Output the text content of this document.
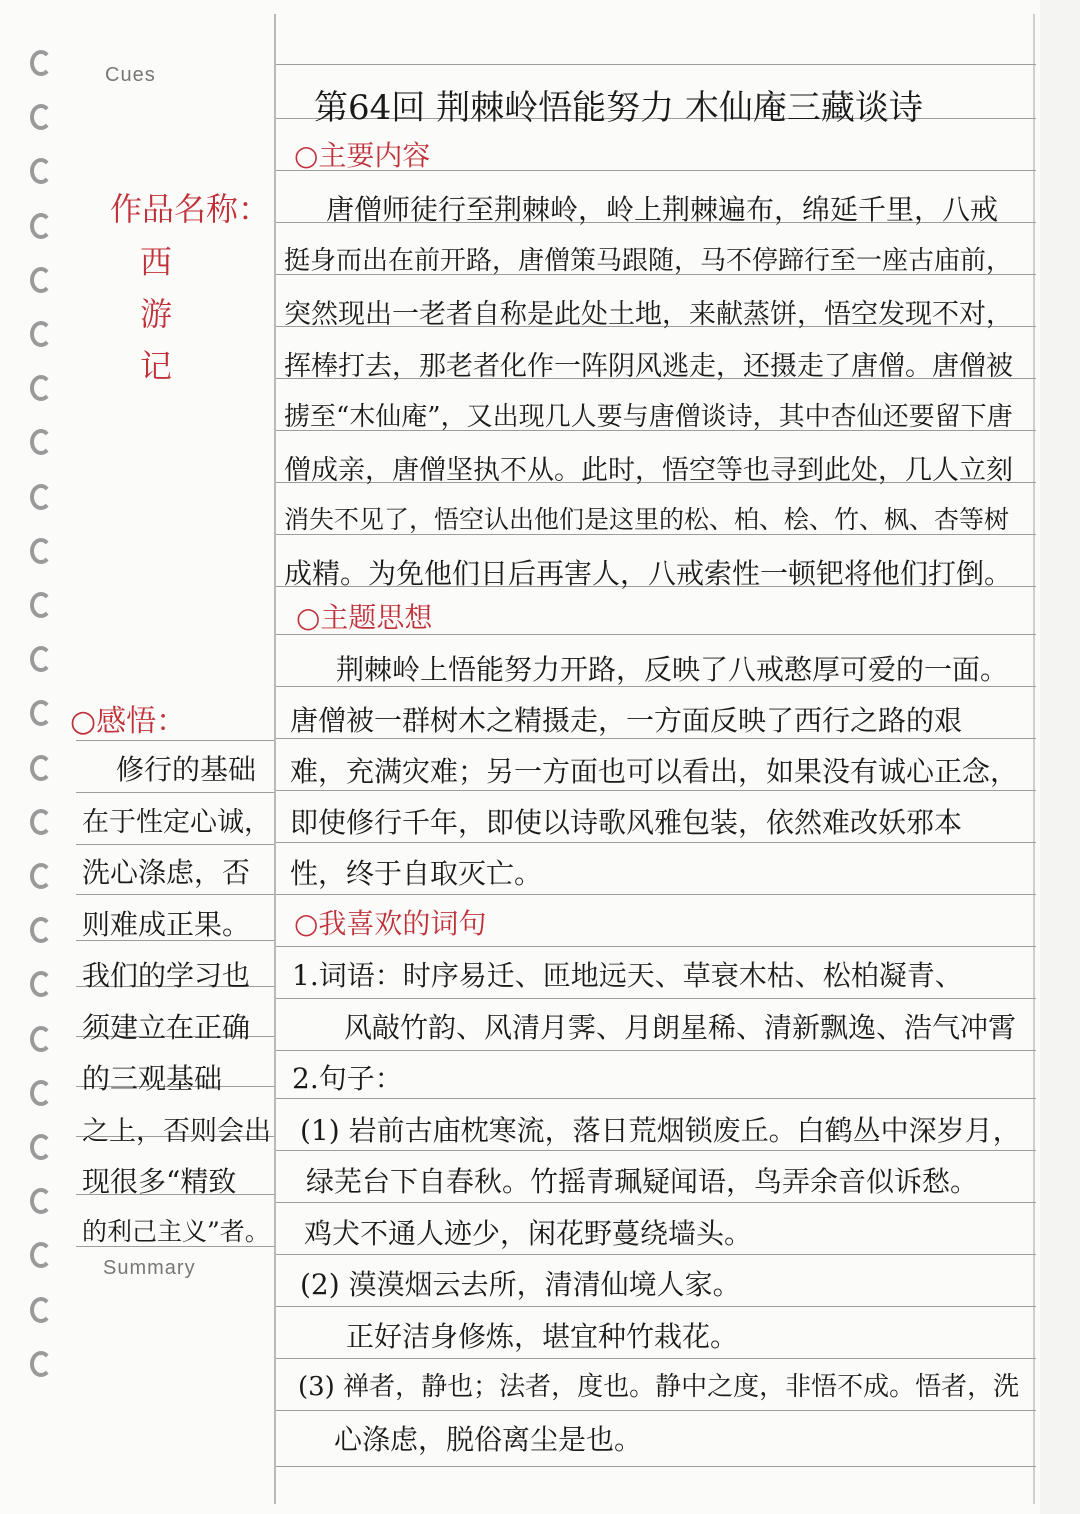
Cues
Summary
作品名称：
西游记
○感悟：
修行的基础
在于性定心诚，
洗心涤虑，否
则难成正果。
我们的学习也
须建立在正确
的三观基础
之上，否则会出
现很多“精致
的利己主义”者。
第64回 荆棘岭悟能努力 木仙庵三藏谈诗
○主要内容
唐僧师徒行至荆棘岭，岭上荆棘遍布，绵延千里，八戒
挺身而出在前开路，唐僧策马跟随，马不停蹄行至一座古庙前，
突然现出一老者自称是此处土地，来献蒸饼，悟空发现不对，
挥棒打去，那老者化作一阵阴风逃走，还摄走了唐僧。唐僧被
掳至“木仙庵”，又出现几人要与唐僧谈诗，其中杏仙还要留下唐
僧成亲，唐僧坚执不从。此时，悟空等也寻到此处，几人立刻
消失不见了，悟空认出他们是这里的松、柏、桧、竹、枫、杏等树
成精。为免他们日后再害人，八戒索性一顿钯将他们打倒。
○主题思想
荆棘岭上悟能努力开路，反映了八戒憨厚可爱的一面。
唐僧被一群树木之精摄走，一方面反映了西行之路的艰
难，充满灾难；另一方面也可以看出，如果没有诚心正念，
即使修行千年，即使以诗歌风雅包装，依然难改妖邪本
性，终于自取灭亡。
○我喜欢的词句
1.词语：时序易迁、匝地远天、草衰木枯、松柏凝青、
风敲竹韵、风清月霁、月朗星稀、清新飘逸、浩气冲霄
2.句子：
(1) 岩前古庙枕寒流，落日荒烟锁废丘。白鹤丛中深岁月，
绿芜台下自春秋。竹摇青珮疑闻语，鸟弄余音似诉愁。
鸡犬不通人迹少，闲花野蔓绕墙头。
(2) 漠漠烟云去所，清清仙境人家。
正好洁身修炼，堪宜种竹栽花。
(3) 禅者，静也；法者，度也。静中之度，非悟不成。悟者，洗
心涤虑，脱俗离尘是也。
